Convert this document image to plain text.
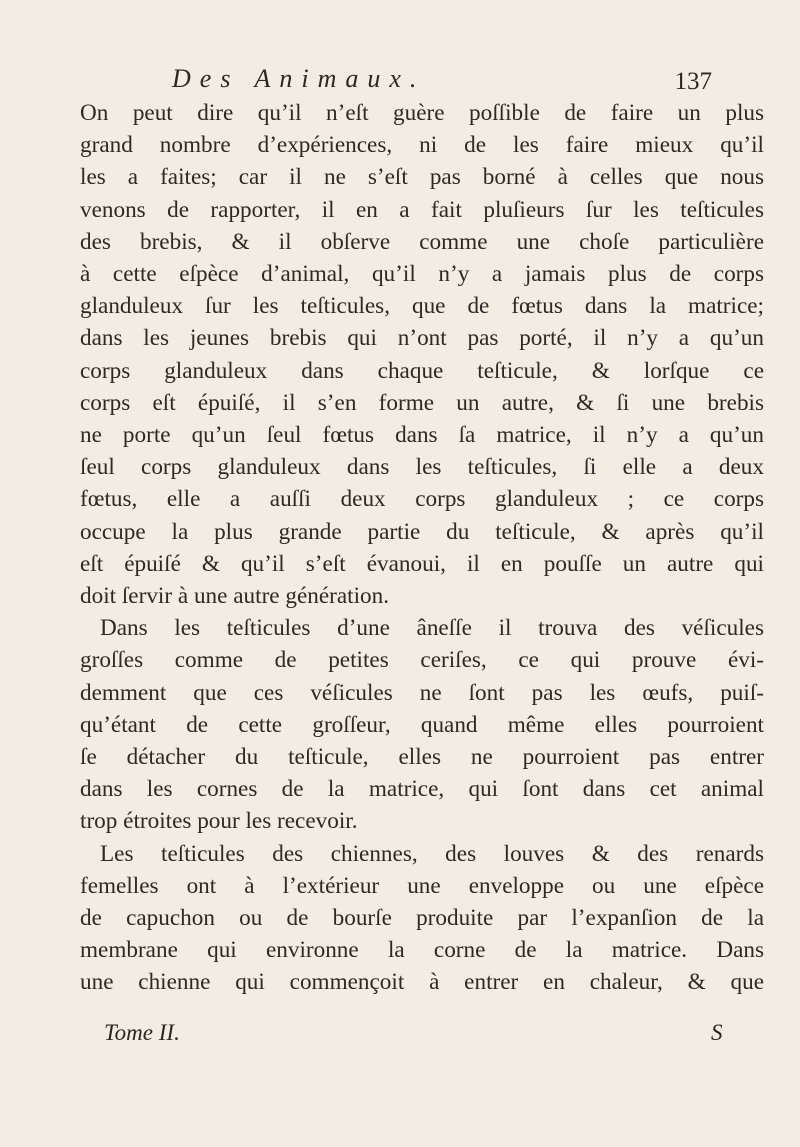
Des Animaux.	137
On peut dire qu’il n’eſt guère poſſible de faire un plus
grand nombre d’expériences, ni de les faire mieux qu’il
les a faites; car il ne s’eſt pas borné à celles que nous
venons de rapporter, il en a fait pluſieurs ſur les teſticules
des brebis, & il obſerve comme une choſe particulière
à cette eſpèce d’animal, qu’il n’y a jamais plus de corps
glanduleux ſur les teſticules, que de fœtus dans la matrice;
dans les jeunes brebis qui n’ont pas porté, il n’y a qu’un
corps glanduleux dans chaque teſticule, & lorſque ce
corps eſt épuiſé, il s’en forme un autre, & ſi une brebis
ne porte qu’un ſeul fœtus dans ſa matrice, il n’y a qu’un
ſeul corps glanduleux dans les teſticules, ſi elle a deux
fœtus, elle a auſſi deux corps glanduleux ; ce corps
occupe la plus grande partie du teſticule, & après qu’il
eſt épuiſé & qu’il s’eſt évanoui, il en pouſſe un autre qui
doit ſervir à une autre génération.
Dans les teſticules d’une âneſſe il trouva des véſicules
groſſes comme de petites ceriſes, ce qui prouve évi-
demment que ces véſicules ne ſont pas les œufs, puiſ-
qu’étant de cette groſſeur, quand même elles pourroient
ſe détacher du teſticule, elles ne pourroient pas entrer
dans les cornes de la matrice, qui ſont dans cet animal
trop étroites pour les recevoir.
Les teſticules des chiennes, des louves & des renards
femelles ont à l’extérieur une enveloppe ou une eſpèce
de capuchon ou de bourſe produite par l’expanſion de la
membrane qui environne la corne de la matrice. Dans
une chienne qui commençoit à entrer en chaleur, & que
Tome II.	S
